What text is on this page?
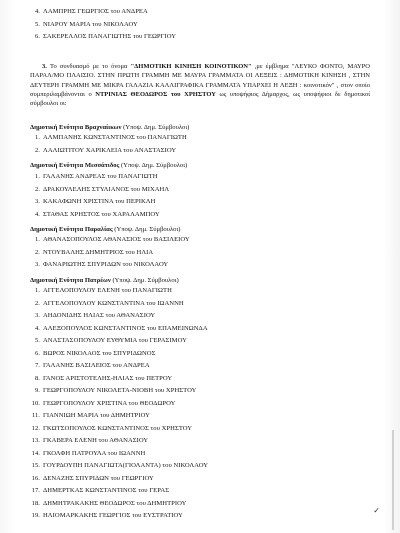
4. ΛΑΜΠΡΗΣ ΓΕΩΡΓΙΟΣ του ΑΝΔΡΕΑ
5. ΝΙΑΡΟΥ ΜΑΡΙΑ του ΝΙΚΟΛΑΟΥ
6. ΣΑΚΕΡΕΛΛΟΣ ΠΑΝΑΓΙΩΤΗΣ του ΓΕΩΡΓΙΟΥ
3. Το συνδυασμό με το όνομα "ΔΗΜΟΤΙΚΗ ΚΙΝΗΣΗ ΚΟΙΝΟΤΙΚΟΝ" ,με έμβλημα "ΛΕΥΚΟ ΦΟΝΤΟ, ΜΑΥΡΟ ΠΑΡΑΛ/ΜΟ ΠΛΑΙΣΙΟ. ΣΤΗΝ ΠΡΩΤΗ ΓΡΑΜΜΗ ΜΕ ΜΑΥΡΑ ΓΡΑΜΜΑΤΑ ΟΙ ΛΕΞΕΙΣ : ΔΗΜΟΤΙΚΗ ΚΙΝΗΣΗ , ΣΤΗΝ ΔΕΥΤΕΡΗ ΓΡΑΜΜΗ ΜΕ ΜΙΚΡΑ ΓΑΛΑΖΙΑ ΚΑΛΛΙΓΡΑΦΙΚΑ ΓΡΑΜΜΑΤΑ ΥΠΑΡΧΕΙ Η ΛΕΞΗ : κοινοτικόν" , στον οποίο συμπεριλαμβάνονται ο ΝΤΡΙΝΙΑΣ ΘΕΟΔΩΡΟΣ του ΧΡΗΣΤΟΥ ως υποψήφιος Δήμαρχος, ως υποψήφιοι δε δημοτικοί σύμβουλοι οι:
Δημοτική Ενότητα Βραχναίικων (Υποψ. Δημ. Σύμβουλοι)
1. ΑΛΜΠΑΝΗΣ ΚΩΝΣΤΑΝΤΙΝΟΣ του ΠΑΝΑΓΙΩΤΗ
2. ΛΑΛΙΩΤΙΤΟΥ ΧΑΡΙΚΛΕΙΑ του ΑΝΑΣΤΑΣΙΟΥ
Δημοτική Ενότητα Μεσσάτιδος (Υποψ. Δημ. Σύμβουλοι)
1. ΓΑΛΑΝΗΣ ΑΝΔΡΕΑΣ του ΠΑΝΑΓΙΩΤΗ
2. ΔΡΑΚΟΥΛΕΛΗΣ ΣΤΥΛΙΑΝΟΣ του ΜΙΧΑΗΛ
3. ΚΑΚΑΦΩΝΗ ΧΡΙΣΤΙΝΑ του ΠΕΡΙΚΛΗ
4. ΣΤΑΘΑΣ ΧΡΗΣΤΟΣ του ΧΑΡΑΛΑΜΠΟΥ
Δημοτική Ενότητα Παραλίας (Υποψ. Δημ. Σύμβουλοι)
1. ΑΘΑΝΑΣΟΠΟΥΛΟΣ ΑΘΑΝΑΣΙΟΣ του ΒΑΣΙΛΕΙΟΥ
2. ΝΤΟΥΒΑΛΗΣ ΔΗΜΗΤΡΙΟΣ του ΗΛΙΑ
3. ΦΑΝΑΡΙΩΤΗΣ ΣΠΥΡΙΔΩΝ του ΝΙΚΟΛΑΟΥ
Δημοτική Ενότητα Πατρέων (Υποψ. Δημ. Σύμβουλοι)
1. ΑΓΓΕΛΟΠΟΥΛΟΥ ΕΛΕΝΗ του ΠΑΝΑΓΙΩΤΗ
2. ΑΓΓΕΛΟΠΟΥΛΟΥ ΚΩΝΣΤΑΝΤΙΝΑ του ΙΩΑΝΝΗ
3. ΑΗΔΟΝΙΔΗΣ ΗΛΙΑΣ του ΑΘΑΝΑΣΙΟΥ
4. ΑΛΕΞΟΠΟΥΛΟΣ ΚΩΝΣΤΑΝΤΙΝΟΣ του ΕΠΑΜΕΙΝΩΝΔΑ
5. ΑΝΑΣΤΑΣΟΠΟΥΛΟΥ ΕΥΘΥΜΙΑ του ΓΕΡΑΣΙΜΟΥ
6. ΒΩΡΟΣ ΝΙΚΟΛΑΟΣ του ΣΠΥΡΙΔΩΝΟΣ
7. ΓΑΛΑΝΗΣ ΒΑΣΙΛΕΙΟΣ του ΑΝΔΡΕΑ
8. ΓΑΝΟΣ ΑΡΙΣΤΟΤΕΛΗΣ-ΗΛΙΑΣ του ΠΕΤΡΟΥ
9. ΓΕΩΡΓΟΠΟΥΛΟΥ ΝΙΚΟΛΕΤΑ-ΝΙΟΒΗ του ΧΡΗΣΤΟΥ
10. ΓΕΩΡΓΟΠΟΥΛΟΥ ΧΡΙΣΤΙΝΑ του ΘΕΟΔΩΡΟΥ
11. ΓΙΑΝΝΙΩΗ ΜΑΡΙΑ του ΔΗΜΗΤΡΙΟΥ
12. ΓΚΩΤΣΟΠΟΥΛΟΣ ΚΩΝΣΤΑΝΤΙΝΟΣ του ΧΡΗΣΤΟΥ
13. ΓΚΑΒΕΡΑ ΕΛΕΝΗ του ΑΘΑΝΑΣΙΟΥ
14. ΓΚΟΛΦΗ ΠΑΤΡΟΥΛΑ του ΙΩΑΝΝΗ
15. ΓΟΥΡΔΟΥΠΗ ΠΑΝΑΓΙΩΤΑ(ΓΙΟΛΑΝΤΑ) του ΝΙΚΟΛΑΟΥ
16. ΔΕΝΑΖΗΣ ΣΠΥΡΙΔΩΝ του ΓΕΩΡΓΙΟΥ
17. ΔΗΜΕΡΤΚΑΣ ΚΩΝΣΤΑΝΤΙΝΟΣ του ΓΕΡΑΣ
18. ΔΗΜΗΤΡΑΚΑΚΗΣ ΘΕΟΔΩΡΟΣ του ΔΗΜΗΤΡΙΟΥ
19. ΗΛΙΟΜΑΡΚΑΚΗΣ ΓΕΩΡΓΙΟΣ του ΕΥΣΤΡΑΤΙΟΥ
✓
